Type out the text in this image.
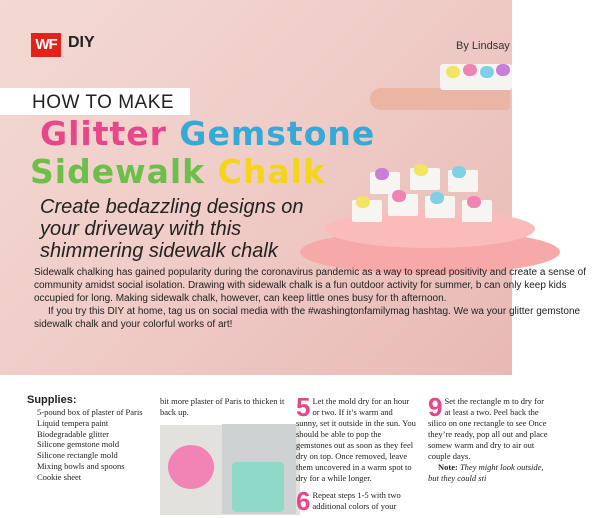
WF DIY	By Lindsay
HOW TO MAKE
Glitter Gemstone
Sidewalk Chalk
Create bedazzling designs on your driveway with this shimmering sidewalk chalk

Sidewalk chalking has gained popularity during the coronavirus pandemic as a way to spread positivity and create a sense of community amidst social isolation. Drawing with sidewalk chalk is a fun outdoor activity for summer, b can only keep kids occupied for long. Making sidewalk chalk, however, can keep little ones busy for th afternoon.

If you try this DIY at home, tag us on social media with the #washingtonfamilymag hashtag. We wa your glitter gemstone sidewalk chalk and your colorful works of art!

Supplies:
5-pound box of plaster of Paris
Liquid tempera paint
Biodegradable glitter
Silicone gemstone mold
Silicone rectangle mold
Mixing bowls and spoons
Cookie sheet

bit more plaster of Paris to thicken it back up.	5 Let the mold dry for an hour or two. If it’s warm and sunny, set it outside in the sun. You should be able to pop the gemstones out as soon as they feel dry on top. Once removed, leave them uncovered in a warm spot to dry for a while longer.

6 Repeat steps 1-5 with two additional colors of your

9 Set the rectangle m to dry for at least a two. Peel back the silico on one rectangle to see Once they’re ready, pop all out and place somew warm and dry to air out couple days.

Note: They might look outside, but they could sti
